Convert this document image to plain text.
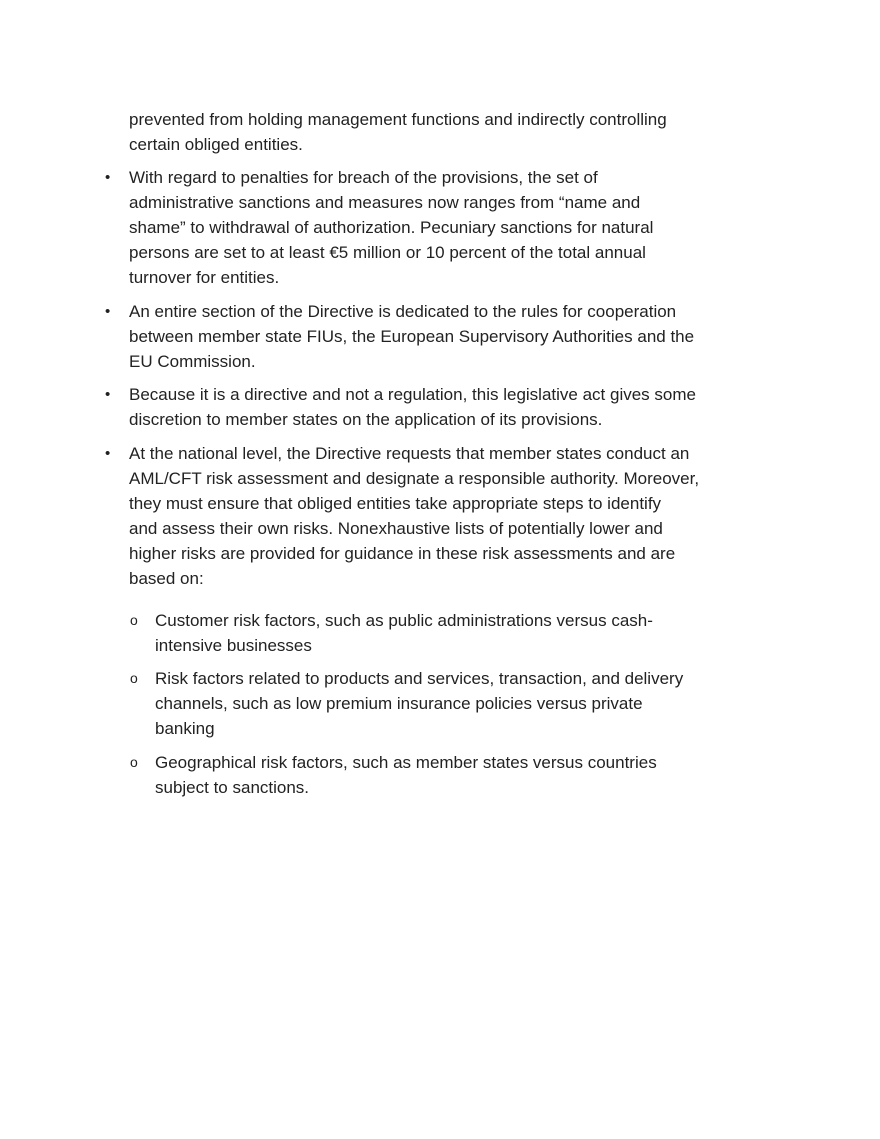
prevented from holding management functions and indirectly controlling
certain obliged entities.
• With regard to penalties for breach of the provisions, the set of
administrative sanctions and measures now ranges from “name and
shame” to withdrawal of authorization. Pecuniary sanctions for natural
persons are set to at least €5 million or 10 percent of the total annual
turnover for entities.
• An entire section of the Directive is dedicated to the rules for cooperation
between member state FIUs, the European Supervisory Authorities and the
EU Commission.
• Because it is a directive and not a regulation, this legislative act gives some
discretion to member states on the application of its provisions.
• At the national level, the Directive requests that member states conduct an
AML/CFT risk assessment and designate a responsible authority. Moreover,
they must ensure that obliged entities take appropriate steps to identify
and assess their own risks. Nonexhaustive lists of potentially lower and
higher risks are provided for guidance in these risk assessments and are
based on:
o Customer risk factors, such as public administrations versus cash-
intensive businesses
o Risk factors related to products and services, transaction, and delivery
channels, such as low premium insurance policies versus private
banking
o Geographical risk factors, such as member states versus countries
subject to sanctions.
